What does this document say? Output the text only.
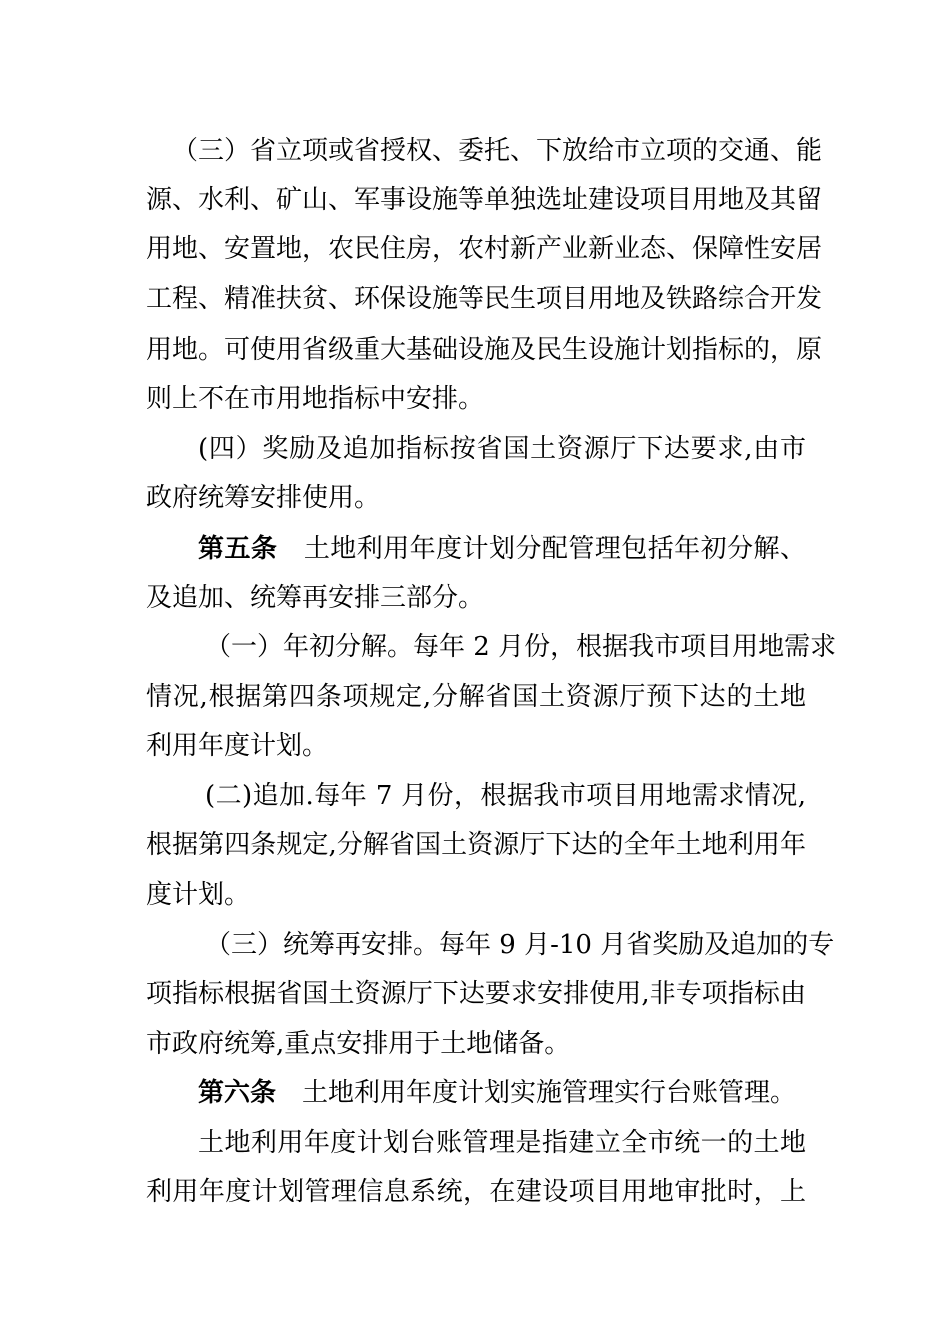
（三）省立项或省授权、委托、下放给市立项的交通、能
源、水利、矿山、军事设施等单独选址建设项目用地及其留
用地、安置地，农民住房，农村新产业新业态、保障性安居
工程、精准扶贫、环保设施等民生项目用地及铁路综合开发
用地。可使用省级重大基础设施及民生设施计划指标的，原
则上不在市用地指标中安排。
(四）奖励及追加指标按省国土资源厅下达要求,由市
政府统筹安排使用。
第五条 土地利用年度计划分配管理包括年初分解、
及追加、统筹再安排三部分。
（一）年初分解。每年 2 月份，根据我市项目用地需求
情况,根据第四条项规定,分解省国土资源厅预下达的土地
利用年度计划。
(二)追加.每年 7 月份，根据我市项目用地需求情况,
根据第四条规定,分解省国土资源厅下达的全年土地利用年
度计划。
（三）统筹再安排。每年 9 月-10 月省奖励及追加的专
项指标根据省国土资源厅下达要求安排使用,非专项指标由
市政府统筹,重点安排用于土地储备。
第六条 土地利用年度计划实施管理实行台账管理。
土地利用年度计划台账管理是指建立全市统一的土地
利用年度计划管理信息系统，在建设项目用地审批时，上
